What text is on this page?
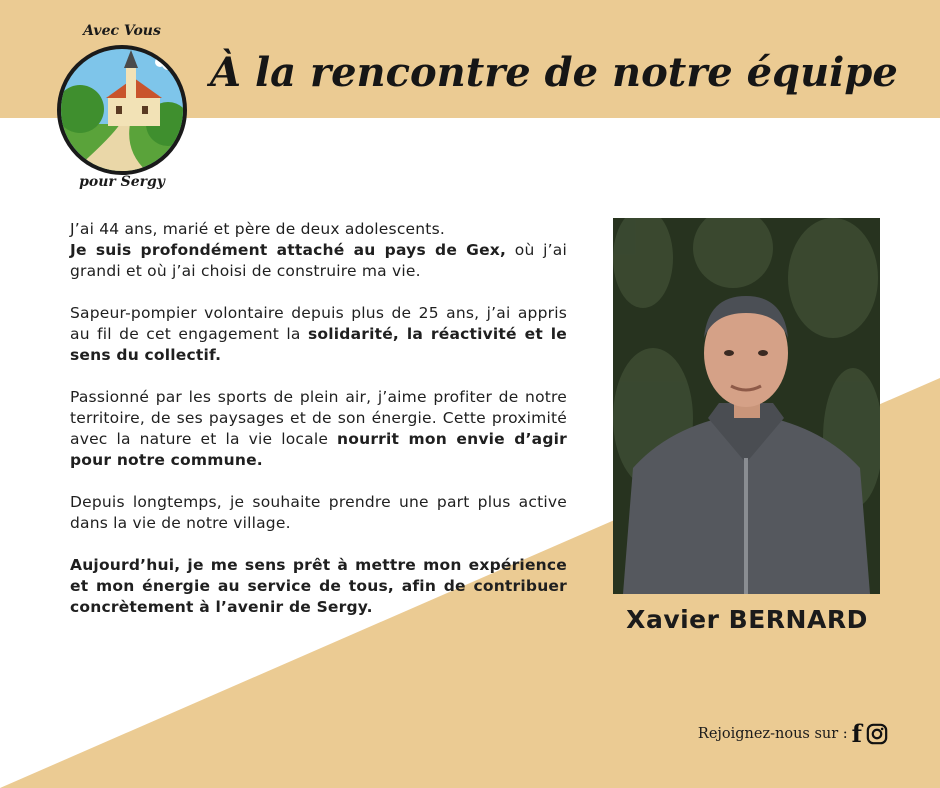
Avec Vous
pour Sergy
À la rencontre de notre équipe

J’ai 44 ans, marié et père de deux adolescents.
Je suis profondément attaché au pays de Gex, où j’ai grandi et où j’ai choisi de construire ma vie.

Sapeur-pompier volontaire depuis plus de 25 ans, j’ai appris au fil de cet engagement la solidarité, la réactivité et le sens du collectif.

Passionné par les sports de plein air, j’aime profiter de notre territoire, de ses paysages et de son énergie. Cette proximité avec la nature et la vie locale nourrit mon envie d’agir pour notre commune.

Depuis longtemps, je souhaite prendre une part plus active dans la vie de notre village.

Aujourd’hui, je me sens prêt à mettre mon expérience et mon énergie au service de tous, afin de contribuer concrètement à l’avenir de Sergy.	Xavier BERNARD
Rejoignez-nous sur : f
